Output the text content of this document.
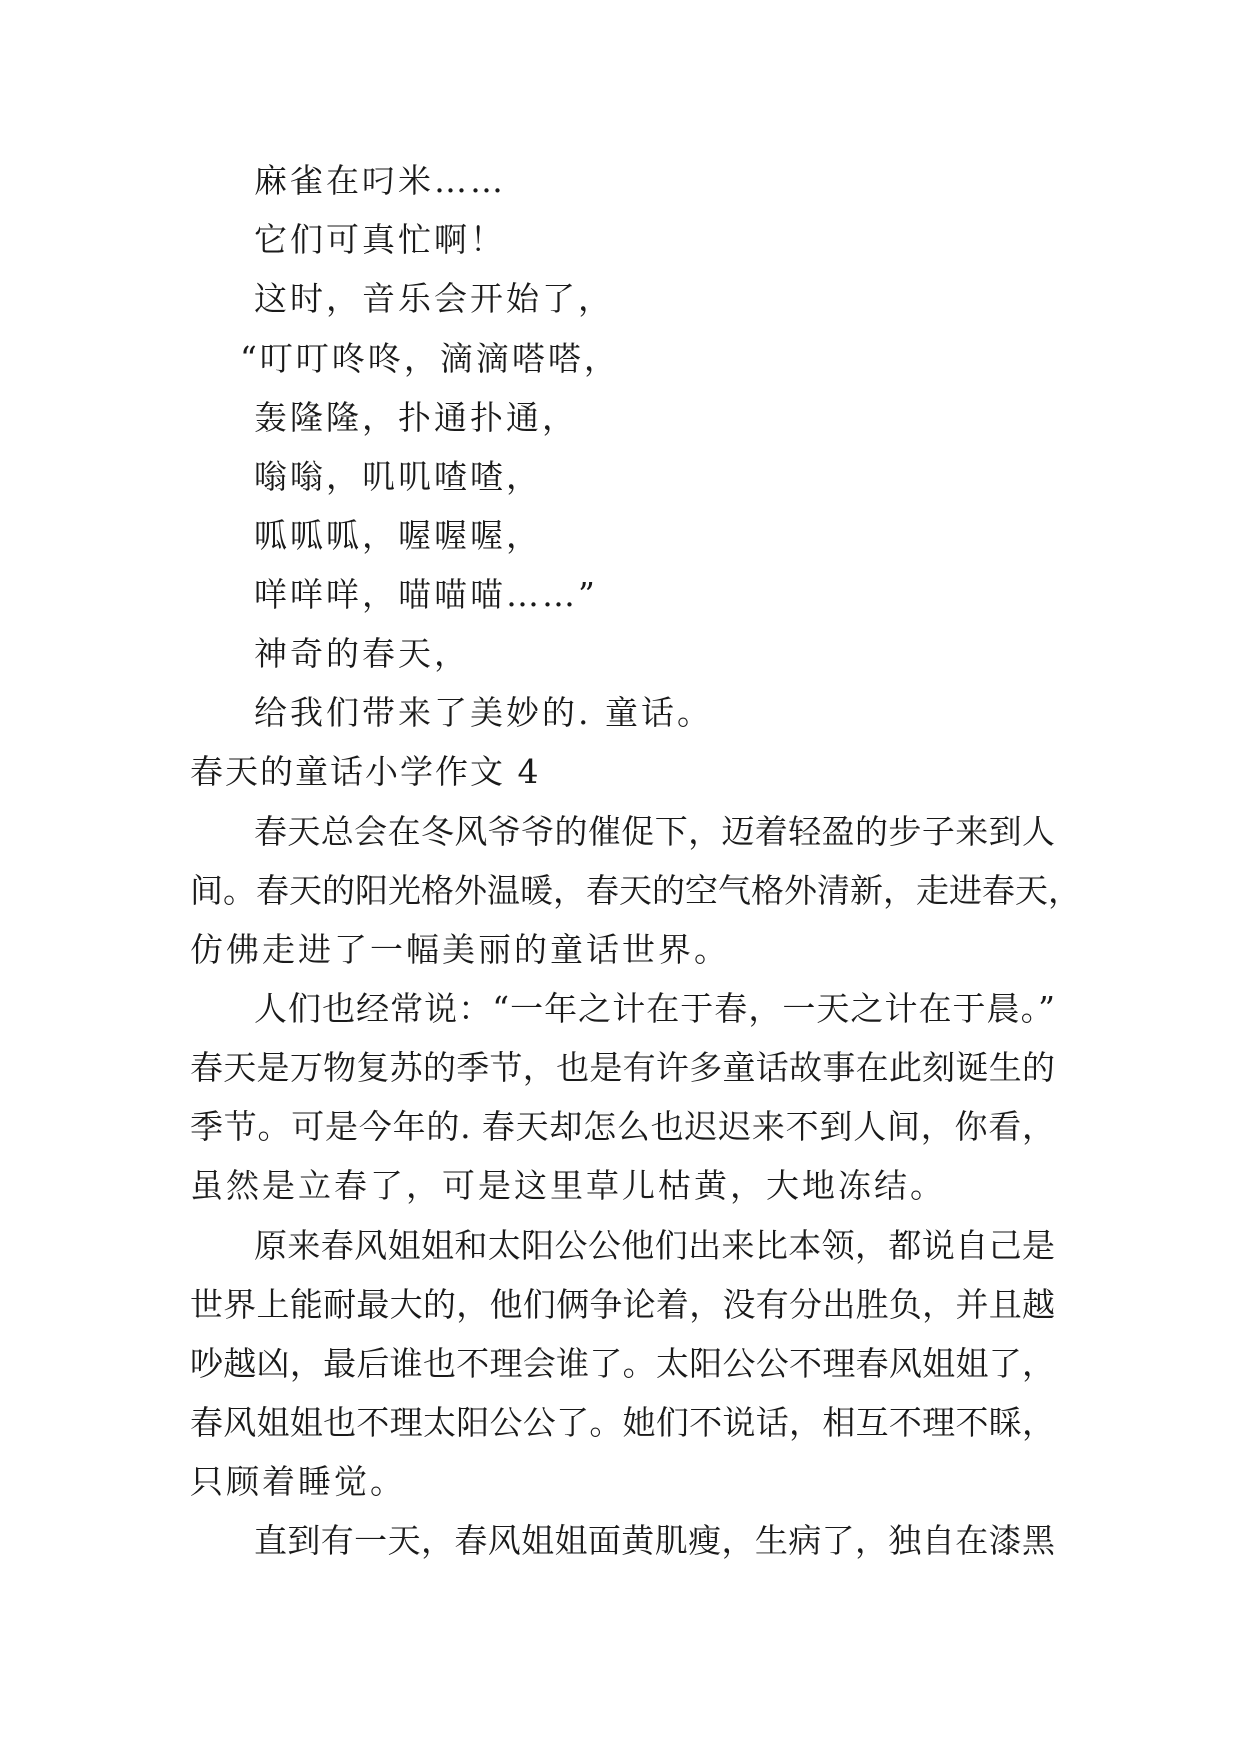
麻雀在叼米……
它们可真忙啊！
这时，音乐会开始了，
“叮叮咚咚，滴滴嗒嗒，
轰隆隆，扑通扑通，
嗡嗡，叽叽喳喳，
呱呱呱，喔喔喔，
咩咩咩，喵喵喵……”
神奇的春天，
给我们带来了美妙的. 童话。
春天的童话小学作文 4
春天总会在冬风爷爷的催促下，迈着轻盈的步子来到人
间。春天的阳光格外温暖，春天的空气格外清新，走进春天，
仿佛走进了一幅美丽的童话世界。
人们也经常说：“一年之计在于春，一天之计在于晨。”
春天是万物复苏的季节，也是有许多童话故事在此刻诞生的
季节。可是今年的. 春天却怎么也迟迟来不到人间，你看，
虽然是立春了，可是这里草儿枯黄，大地冻结。
原来春风姐姐和太阳公公他们出来比本领，都说自己是
世界上能耐最大的，他们俩争论着，没有分出胜负，并且越
吵越凶，最后谁也不理会谁了。太阳公公不理春风姐姐了，
春风姐姐也不理太阳公公了。她们不说话，相互不理不睬，
只顾着睡觉。
直到有一天，春风姐姐面黄肌瘦，生病了，独自在漆黑
